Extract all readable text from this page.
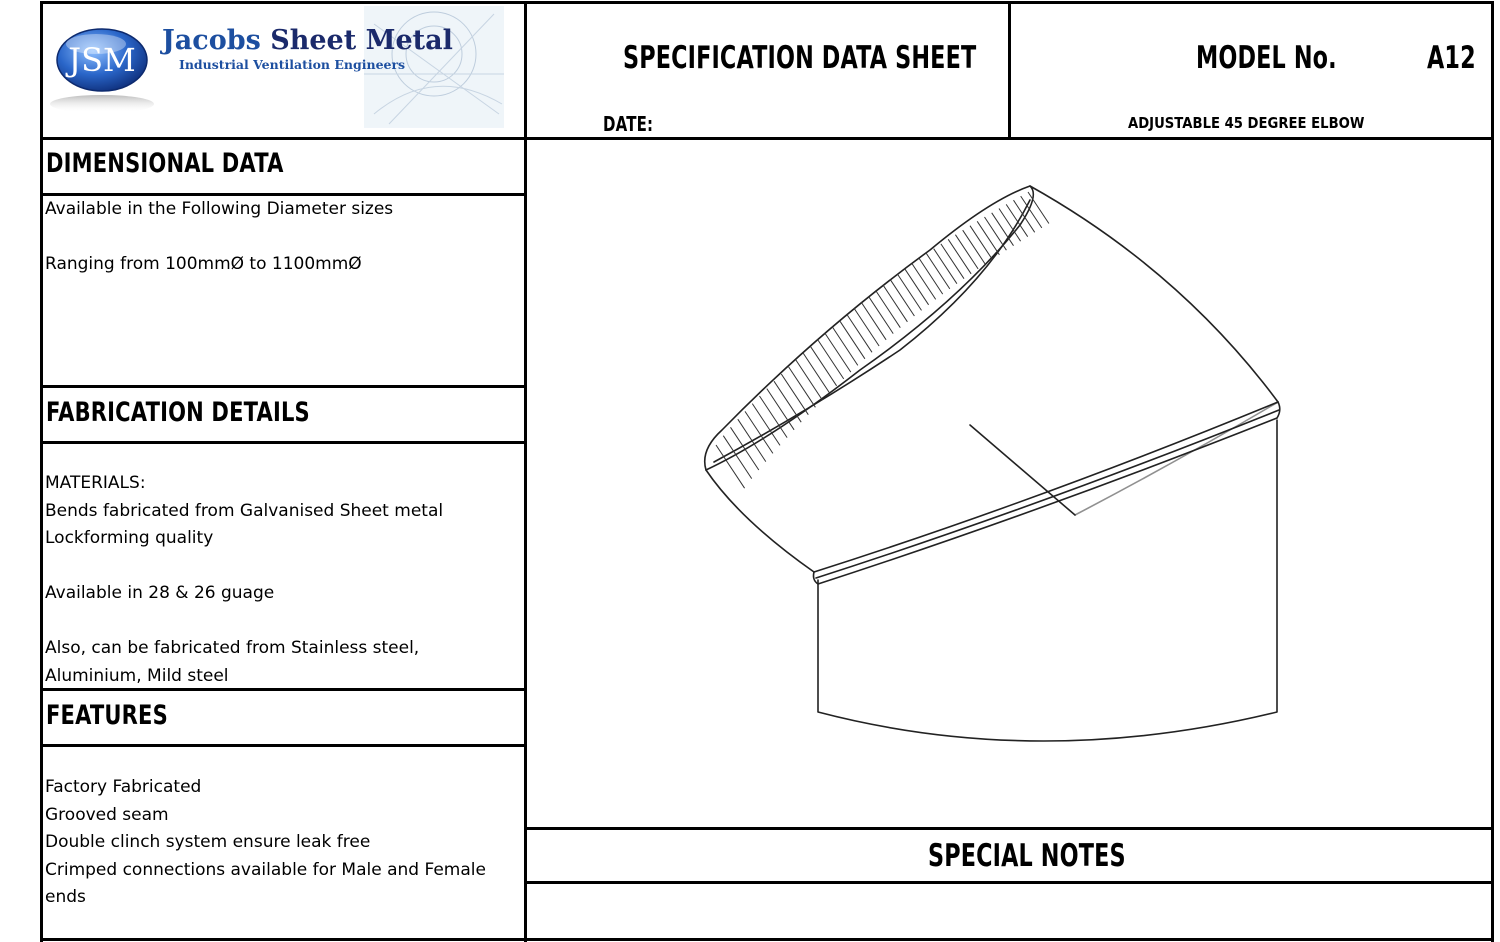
JSM
Jacobs Sheet Metal
Industrial Ventilation Engineers	SPECIFICATION DATA SHEET
DATE:
MODEL No.	A12
ADJUSTABLE 45 DEGREE ELBOW
DIMENSIONAL DATA
Available in the Following Diameter sizes
Ranging from 100mmØ to 1100mmØ
FABRICATION DETAILS
MATERIALS:
Bends fabricated from Galvanised Sheet metal
Lockforming quality
Available in 28 & 26 guage
Also, can be fabricated from Stainless steel,
Aluminium, Mild steel
FEATURES
Factory Fabricated
Grooved seam
Double clinch system ensure leak free
Crimped connections available for Male and Female
ends
SPECIAL NOTES
